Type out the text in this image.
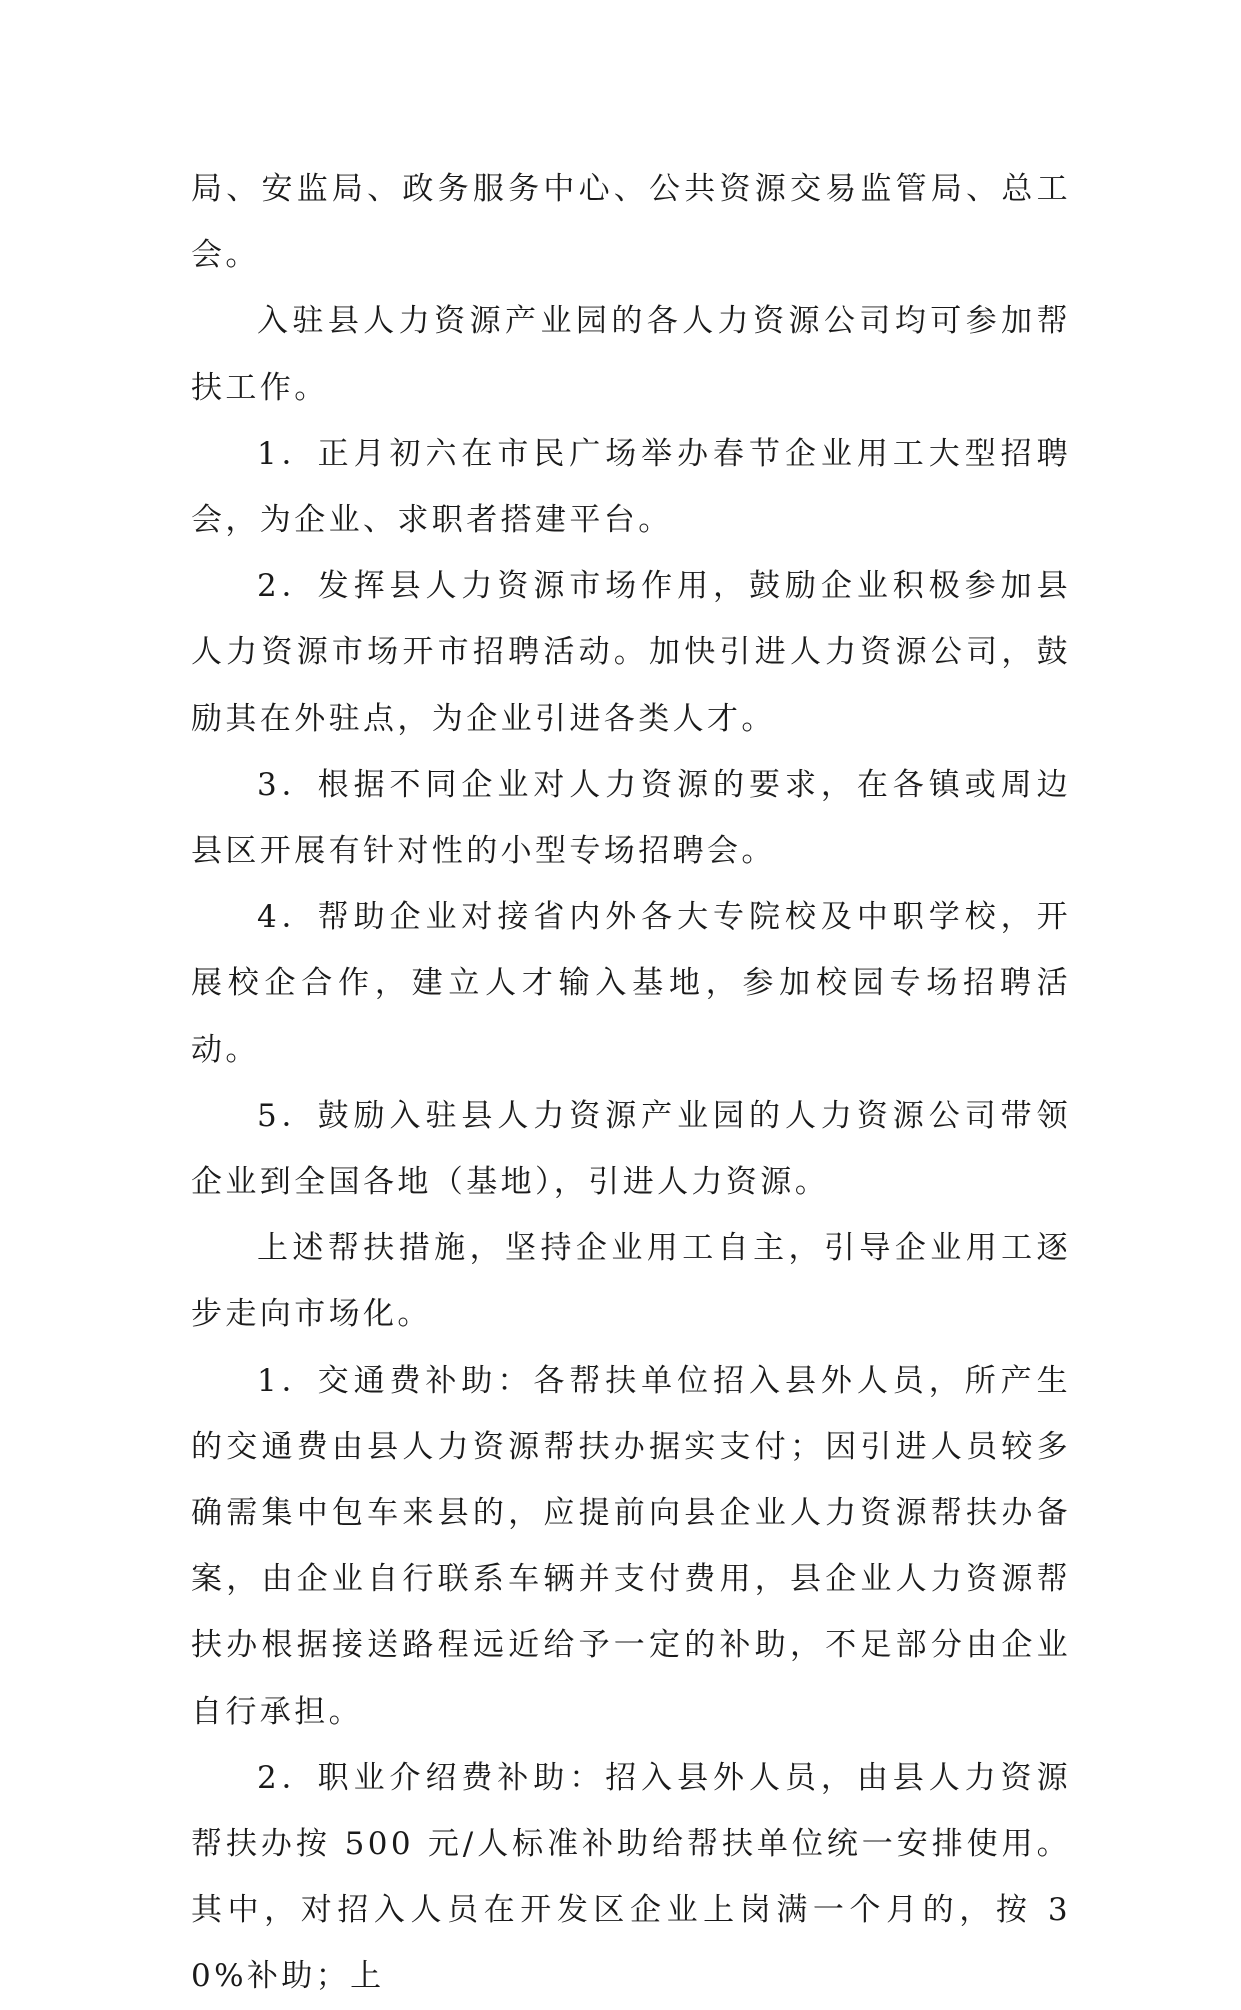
局、安监局、政务服务中心、公共资源交易监管局、总工会。

入驻县人力资源产业园的各人力资源公司均可参加帮扶工作。

1．正月初六在市民广场举办春节企业用工大型招聘会，为企业、求职者搭建平台。

2．发挥县人力资源市场作用，鼓励企业积极参加县人力资源市场开市招聘活动。加快引进人力资源公司，鼓励其在外驻点，为企业引进各类人才。

3．根据不同企业对人力资源的要求，在各镇或周边县区开展有针对性的小型专场招聘会。

4．帮助企业对接省内外各大专院校及中职学校，开展校企合作，建立人才输入基地，参加校园专场招聘活动。

5．鼓励入驻县人力资源产业园的人力资源公司带领企业到全国各地（基地），引进人力资源。

上述帮扶措施，坚持企业用工自主，引导企业用工逐步走向市场化。

1．交通费补助：各帮扶单位招入县外人员，所产生的交通费由县人力资源帮扶办据实支付；因引进人员较多确需集中包车来县的，应提前向县企业人力资源帮扶办备案，由企业自行联系车辆并支付费用，县企业人力资源帮扶办根据接送路程远近给予一定的补助，不足部分由企业自行承担。

2．职业介绍费补助：招入县外人员，由县人力资源帮扶办按 500 元/人标准补助给帮扶单位统一安排使用。其中，对招入人员在开发区企业上岗满一个月的，按 30%补助；上
